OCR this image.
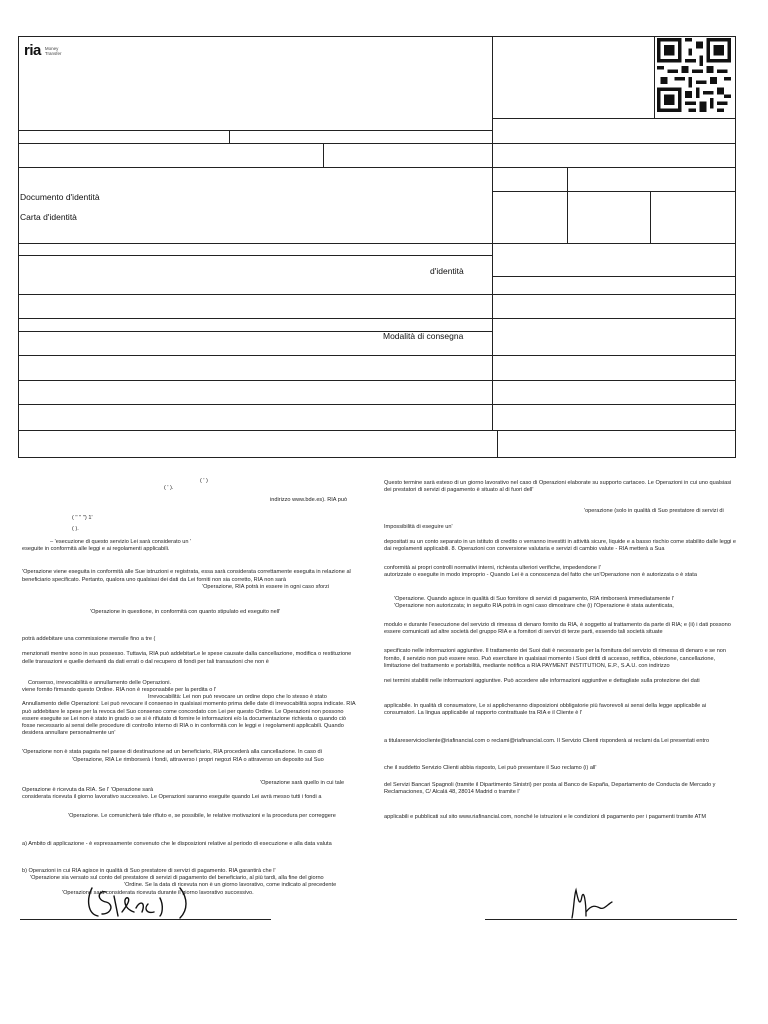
ria Money
Transfer
Documento d'identità
Carta d'identità
d'identità
Modalità di consegna

( ' )

( ' ).

indirizzo www.bde.es). RIA può

( '' '' '') 1'

( ).

– 'esecuzione di questo servizio Lei sarà considerato un '

eseguite in conformità alle leggi e ai regolamenti applicabili.

'Operazione viene eseguita in conformità alle Sue istruzioni e registrata, essa sarà considerata correttamente eseguita in relazione al beneficiario specificato. Pertanto, qualora uno qualsiasi dei dati da Lei forniti non sia corretto, RIA non sarà

'Operazione, RIA potrà in essere in ogni caso sforzi

'Operazione in questione, in conformità con quanto stipulato ed eseguito nell'

potrà addebitare una commissione mensile fino a tre (

menzionati mentre sono in suo possesso. Tuttavia, RIA può addebitarLe le spese causate dalla cancellazione, modifica o restituzione delle transazioni e quelle derivanti da dati errati o dal recupero di fondi per tali transazioni che non è

Consenso, irrevocabilità e annullamento delle Operazioni.

viene fornito firmando questo Ordine. RIA non è responsabile per la perdita o l'

Irrevocabilità: Lei non può revocare un ordine dopo che lo stesso è stato

Annullamento delle Operazioni: Lei può revocare il consenso in qualsiasi momento prima delle date di irrevocabilità sopra indicate. RIA può addebitare le spese per la revoca del Suo consenso come concordato con Lei per questo Ordine. Le Operazioni non possono essere eseguite se Lei non è stato in grado o se si è rifiutato di fornire le informazioni e/o la documentazione richiesta o quando ciò fosse necessario ai sensi delle procedure di controllo interno di RIA o in conformità con le leggi e i regolamenti applicabili. Quando desidera annullare personalmente un'

'Operazione non è stata pagata nel paese di destinazione ad un beneficiario, RIA procederà alla cancellazione. In caso di

'Operazione, RIA Le rimborserà i fondi, attraverso i propri negozi RIA o attraverso un deposito sul Suo

'Operazione sarà quello in cui tale

Operazione è ricevuta da RIA. Se l' 'Operazione sarà

considerata ricevuta il giorno lavorativo successivo. Le Operazioni saranno eseguite quando Lei avrà messo tutti i fondi a

'Operazione. Le comunicherà tale rifiuto e, se possibile, le relative motivazioni e la procedura per correggere

a) Ambito di applicazione - è espressamente convenuto che le disposizioni relative al periodo di esecuzione e alla data valuta

b) Operazioni in cui RIA agisce in qualità di Suo prestatore di servizi di pagamento. RIA garantirà che l'

'Operazione sia versato sul conto del prestatore di servizi di pagamento del beneficiario, al più tardi, alla fine del giorno

'Ordine. Se la data di ricevuta non è un giorno lavorativo, come indicato al precedente

'Operazione sarà considerata ricevuta durante il giorno lavorativo successivo.

Questo termine sarà esteso di un giorno lavorativo nel caso di Operazioni elaborate su supporto cartaceo. Le Operazioni in cui uno qualsiasi dei prestatori di servizi di pagamento è situato al di fuori dell'

'operazione (solo in qualità di Suo prestatore di servizi di

Impossibilità di eseguire un'

depositati su un conto separato in un istituto di credito o verranno investiti in attività sicure, liquide e a basso rischio come stabilito dalle leggi e dai regolamenti applicabili. 8. Operazioni con conversione valutaria e servizi di cambio valute - RIA metterà a Sua

conformità ai propri controlli normativi interni, richiesta ulteriori verifiche, impedendone l'

autorizzate o eseguite in modo improprio - Quando Lei è a conoscenza del fatto che un'Operazione non è autorizzata o è stata

'Operazione. Quando agisce in qualità di Suo fornitore di servizi di pagamento, RIA rimborserà immediatamente l'

'Operazione non autorizzata; in seguito RIA potrà in ogni caso dimostrare che (i) l'Operazione è stata autenticata,

modulo e durante l'esecuzione del servizio di rimessa di denaro fornito da RIA, è soggetto al trattamento da parte di RIA; e (ii) i dati possono essere comunicati ad altre società del gruppo RIA e a fornitori di servizi di terze parti, essendo tali società situate

specificato nelle informazioni aggiuntive. Il trattamento dei Suoi dati è necessario per la fornitura del servizio di rimessa di denaro e se non fornito, il servizio non può essere reso. Può esercitare in qualsiasi momento i Suoi diritti di accesso, rettifica, obiezione, cancellazione, limitazione del trattamento e portabilità, mediante notifica a RIA PAYMENT INSTITUTION, E.P., S.A.U. con indirizzo

nei termini stabiliti nelle informazioni aggiuntive. Può accedere alle informazioni aggiuntive e dettagliate sulla protezione dei dati

applicabile. In qualità di consumatore, Le si applicheranno disposizioni obbligatorie più favorevoli ai sensi della legge applicabile ai consumatori. La lingua applicabile al rapporto contrattuale tra RIA e il Cliente è l'

a titulareserviciocliente@riafinancial.com o reclami@riafinancial.com. Il Servizio Clienti risponderà ai reclami da Lei presentati entro

che il suddetto Servizio Clienti abbia risposto, Lei può presentare il Suo reclamo (i) all'

del Servizi Bancari Spagnoli (tramite il Dipartimento Sinistri) per posta al Banco de España, Departamento de Conducta de Mercado y Reclamaciones, C/ Alcalá 48, 28014 Madrid o tramite l'

applicabili e pubblicati sul sito www.riafinancial.com, nonché le istruzioni e le condizioni di pagamento per i pagamenti tramite ATM
